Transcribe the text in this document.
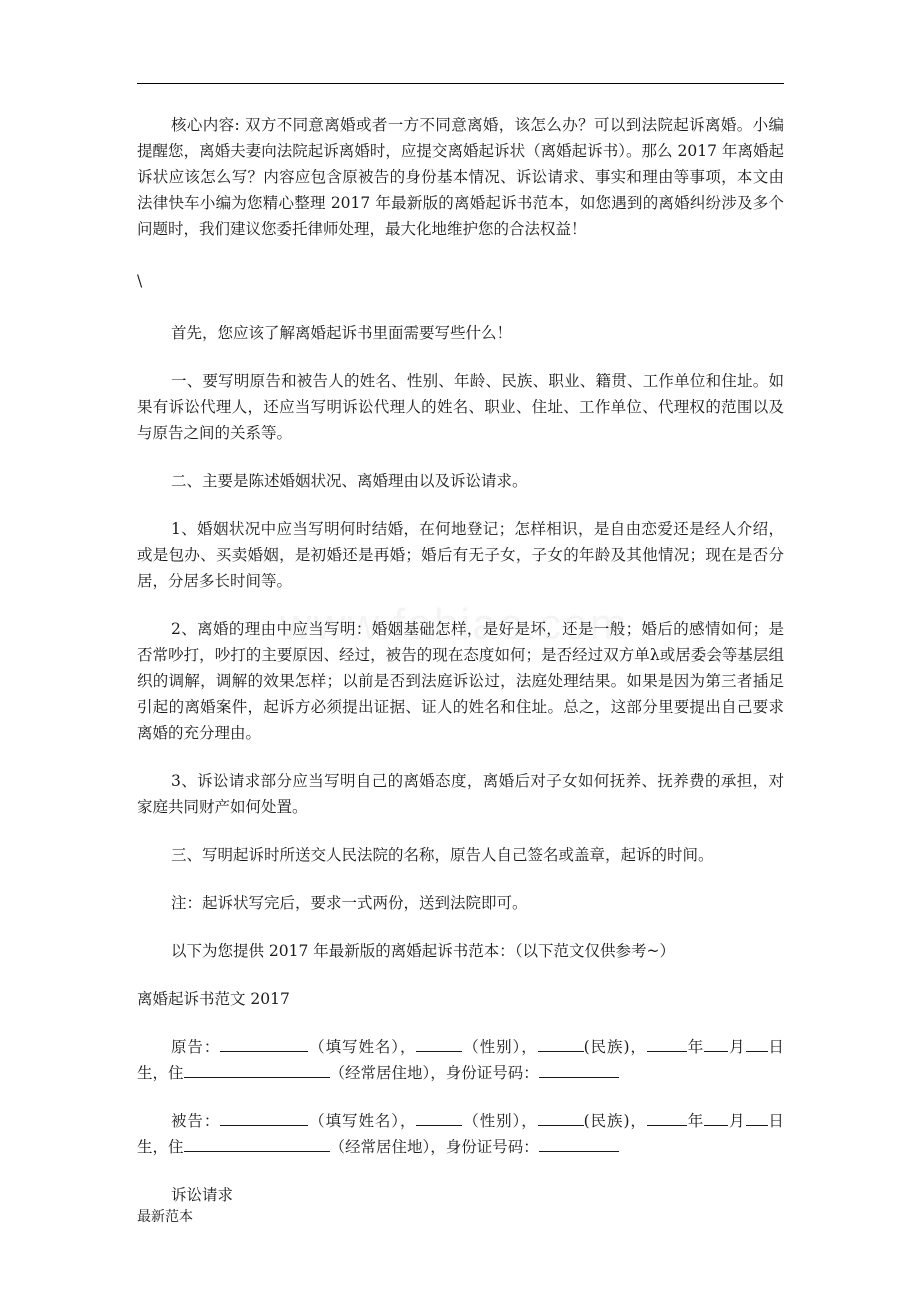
核心内容: 双方不同意离婚或者一方不同意离婚，该怎么办？可以到法院起诉离婚。小编提醒您，离婚夫妻向法院起诉离婚时，应提交离婚起诉状（离婚起诉书）。那么 2017 年离婚起诉状应该怎么写？内容应包含原被告的身份基本情况、诉讼请求、事实和理由等事项，本文由法律快车小编为您精心整理 2017 年最新版的离婚起诉书范本，如您遇到的离婚纠纷涉及多个问题时，我们建议您委托律师处理，最大化地维护您的合法权益！

\

首先，您应该了解离婚起诉书里面需要写些什么！

一、要写明原告和被告人的姓名、性别、年龄、民族、职业、籍贯、工作单位和住址。如果有诉讼代理人，还应当写明诉讼代理人的姓名、职业、住址、工作单位、代理权的范围以及与原告之间的关系等。

二、主要是陈述婚姻状况、离婚理由以及诉讼请求。

1、婚姻状况中应当写明何时结婚，在何地登记；怎样相识，是自由恋爱还是经人介绍，或是包办、买卖婚姻，是初婚还是再婚；婚后有无子女，子女的年龄及其他情况；现在是否分居，分居多长时间等。

2、离婚的理由中应当写明：婚姻基础怎样，是好是坏，还是一般；婚后的感情如何；是否常吵打，吵打的主要原因、经过，被告的现在态度如何；是否经过双方单λ或居委会等基层组织的调解，调解的效果怎样；以前是否到法庭诉讼过，法庭处理结果。如果是因为第三者插足引起的离婚案件，起诉方必须提出证据、证人的姓名和住址。总之，这部分里要提出自己要求离婚的充分理由。

3、诉讼请求部分应当写明自己的离婚态度，离婚后对子女如何抚养、抚养费的承担，对家庭共同财产如何处置。

三、写明起诉时所送交人民法院的名称，原告人自己签名或盖章，起诉的时间。

注：起诉状写完后，要求一式两份，送到法院即可。

以下为您提供 2017 年最新版的离婚起诉书范本：（以下范文仅供参考~）

离婚起诉书范文 2017

原告：	（填写姓名），	（性别），	(民族)，	年 月 日生，住	（经常居住地），身份证号码：

被告：	（填写姓名），	（性别），	(民族)，	年 月 日生，住	（经常居住地），身份证号码：

诉讼请求

最新范本
